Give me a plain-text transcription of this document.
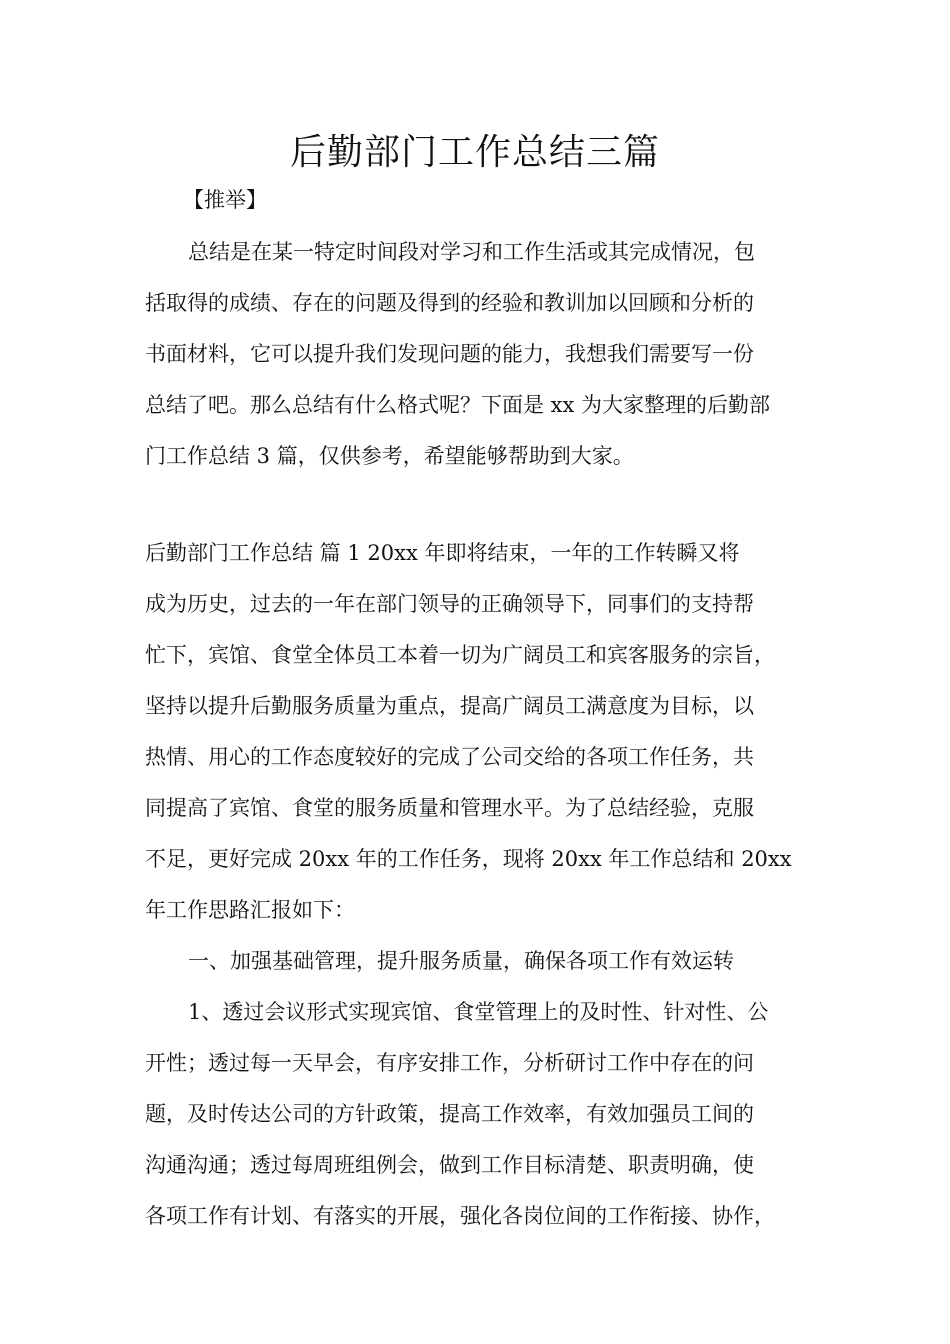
后勤部门工作总结三篇
【推举】
总结是在某一特定时间段对学习和工作生活或其完成情况，包
括取得的成绩、存在的问题及得到的经验和教训加以回顾和分析的
书面材料，它可以提升我们发现问题的能力，我想我们需要写一份
总结了吧。那么总结有什么格式呢？下面是 xx 为大家整理的后勤部
门工作总结 3 篇，仅供参考，希望能够帮助到大家。
后勤部门工作总结 篇 1 20xx 年即将结束，一年的工作转瞬又将
成为历史，过去的一年在部门领导的正确领导下，同事们的支持帮
忙下，宾馆、食堂全体员工本着一切为广阔员工和宾客服务的宗旨，
坚持以提升后勤服务质量为重点，提高广阔员工满意度为目标，以
热情、用心的工作态度较好的完成了公司交给的各项工作任务，共
同提高了宾馆、食堂的服务质量和管理水平。为了总结经验，克服
不足，更好完成 20xx 年的工作任务，现将 20xx 年工作总结和 20xx
年工作思路汇报如下：
一、加强基础管理，提升服务质量，确保各项工作有效运转
1、透过会议形式实现宾馆、食堂管理上的及时性、针对性、公
开性；透过每一天早会，有序安排工作，分析研讨工作中存在的问
题，及时传达公司的方针政策，提高工作效率，有效加强员工间的
沟通沟通；透过每周班组例会，做到工作目标清楚、职责明确，使
各项工作有计划、有落实的开展，强化各岗位间的工作衔接、协作，
